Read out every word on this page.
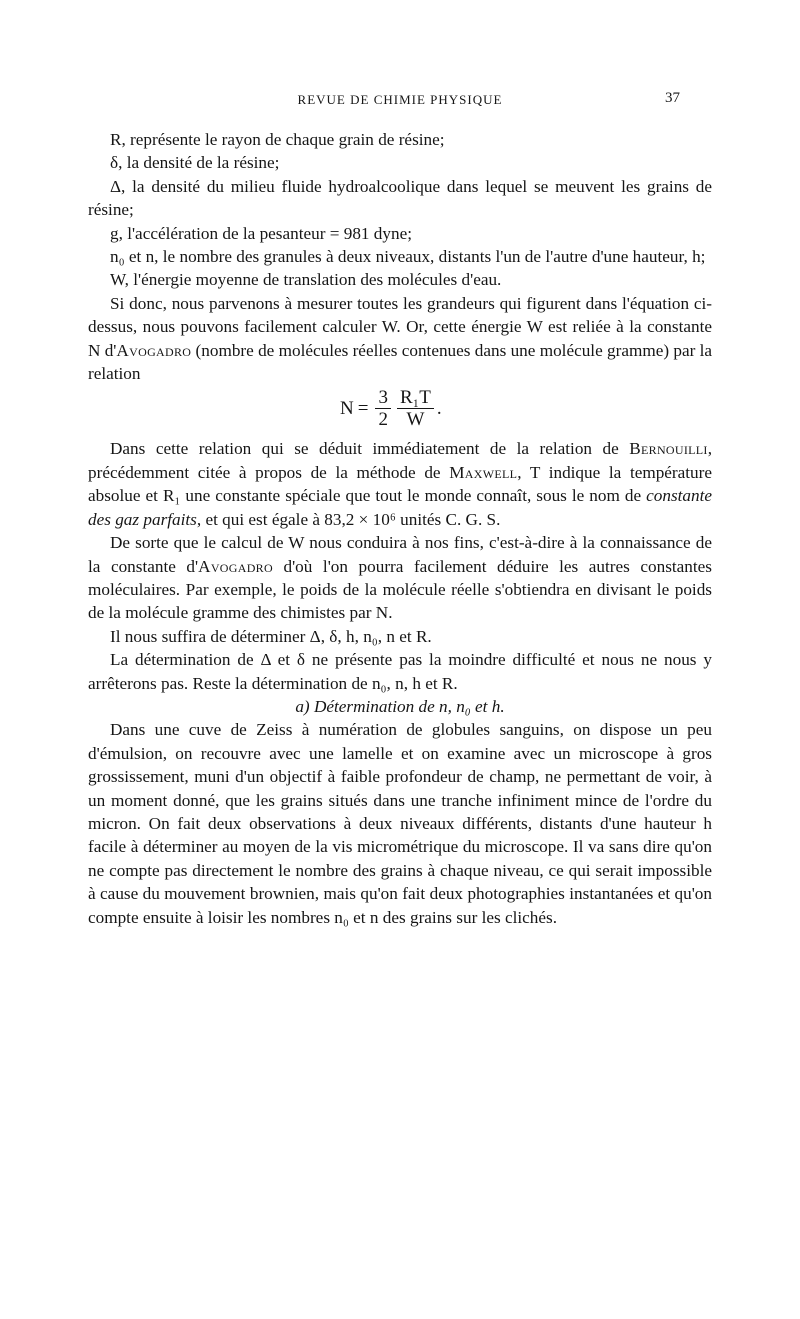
REVUE DE CHIMIE PHYSIQUE	37

R, représente le rayon de chaque grain de résine;

δ, la densité de la résine;

Δ, la densité du milieu fluide hydroalcoolique dans lequel se meuvent les grains de résine;

g, l'accélération de la pesanteur = 981 dyne;

n₀ et n, le nombre des granules à deux niveaux, distants l'un de l'autre d'une hauteur, h;

W, l'énergie moyenne de translation des molécules d'eau.

Si donc, nous parvenons à mesurer toutes les grandeurs qui figurent dans l'équation ci-dessus, nous pouvons facilement calculer W. Or, cette énergie W est reliée à la constante N d'Avogadro (nombre de molécules réelles contenues dans une molécule gramme) par la relation

$N = \frac{3}{2} \frac{\text{R₁T}}{W}$ .

Dans cette relation qui se déduit immédiatement de la relation de Bernouilli, précédemment citée à propos de la méthode de Maxwell, T indique la température absolue et R₁ une constante spéciale que tout le monde connaît, sous le nom de constante des gaz parfaits, et qui est égale à 83,2 × 10⁶ unités C. G. S.

De sorte que le calcul de W nous conduira à nos fins, c'est-à-dire à la connaissance de la constante d'Avogadro d'où l'on pourra facilement déduire les autres constantes moléculaires. Par exemple, le poids de la molécule réelle s'obtiendra en divisant le poids de la molécule gramme des chimistes par N.

Il nous suffira de déterminer Δ, δ, h, n₀, n et R.

La détermination de Δ et δ ne présente pas la moindre difficulté et nous ne nous y arrêterons pas. Reste la détermination de n₀, n, h et R.

a) Détermination de n, n₀ et h.

Dans une cuve de Zeiss à numération de globules sanguins, on dispose un peu d'émulsion, on recouvre avec une lamelle et on examine avec un microscope à gros grossissement, muni d'un objectif à faible profondeur de champ, ne permettant de voir, à un moment donné, que les grains situés dans une tranche infiniment mince de l'ordre du micron. On fait deux observations à deux niveaux différents, distants d'une hauteur h facile à déterminer au moyen de la vis micrométrique du microscope. Il va sans dire qu'on ne compte pas directement le nombre des grains à chaque niveau, ce qui serait impossible à cause du mouvement brownien, mais qu'on fait deux photographies instantanées et qu'on compte ensuite à loisir les nombres n₀ et n des grains sur les clichés.
